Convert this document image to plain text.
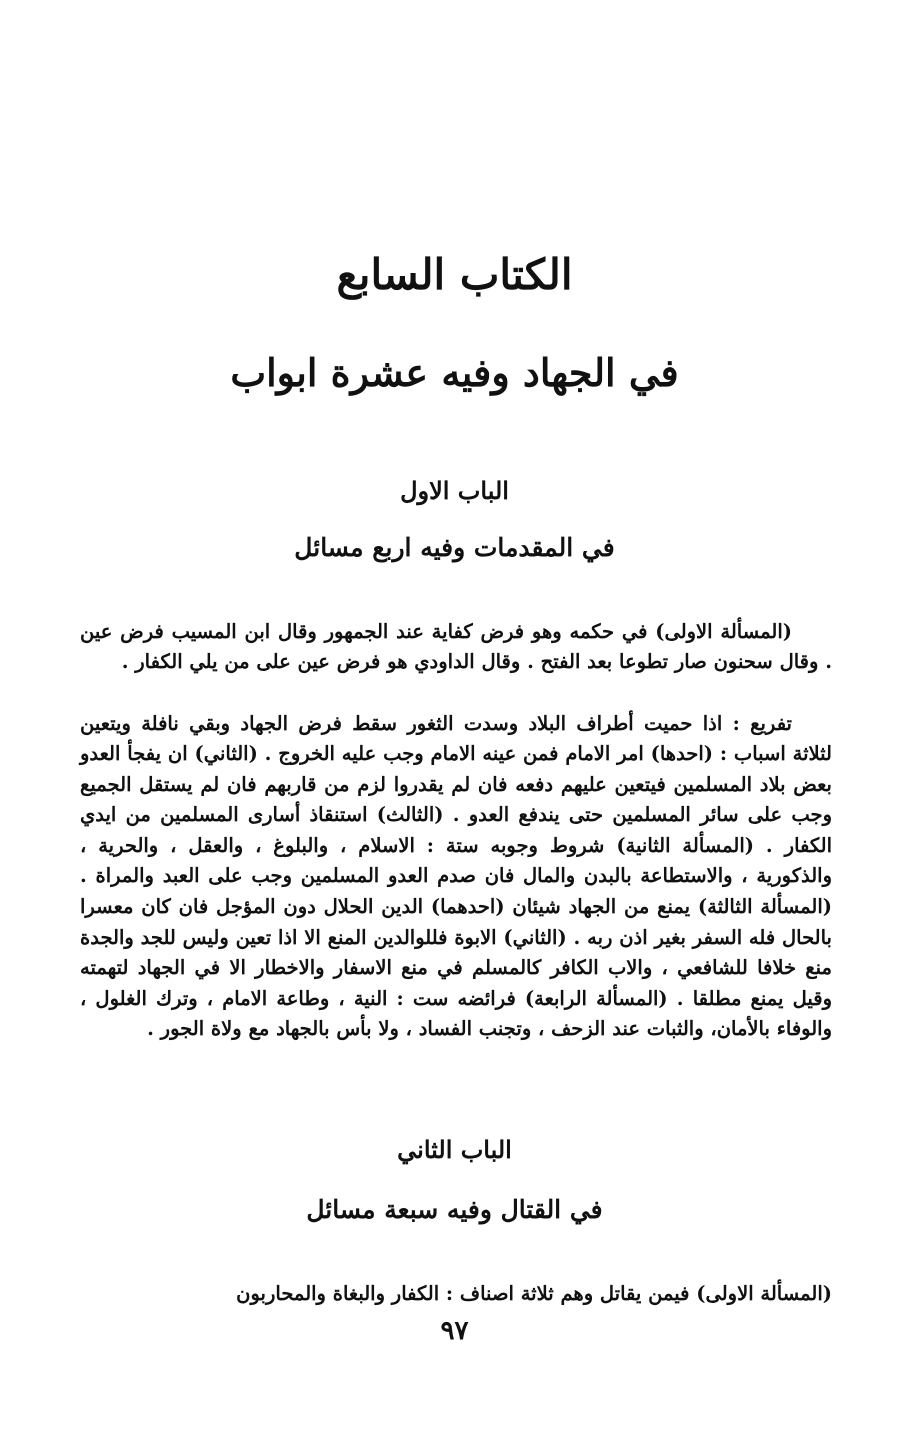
الكتاب السابع
في الجهاد وفيه عشرة ابواب
الباب الاول
في المقدمات وفيه اربع مسائل

(المسألة الاولى) في حكمه وهو فرض كفاية عند الجمهور وقال ابن المسيب فرض عين . وقال سحنون صار تطوعا بعد الفتح . وقال الداودي هو فرض عين على من يلي الكفار .

تفريع : اذا حميت أطراف البلاد وسدت الثغور سقط فرض الجهاد وبقي نافلة ويتعين لثلاثة اسباب : (احدها) امر الامام فمن عينه الامام وجب عليه الخروج . (الثاني) ان يفجأ العدو بعض بلاد المسلمين فيتعين عليهم دفعه فان لم يقدروا لزم من قاربهم فان لم يستقل الجميع وجب على سائر المسلمين حتى يندفع العدو . (الثالث) استنقاذ أسارى المسلمين من ايدي الكفار . (المسألة الثانية) شروط وجوبه ستة : الاسلام ، والبلوغ ، والعقل ، والحرية ، والذكورية ، والاستطاعة بالبدن والمال فان صدم العدو المسلمين وجب على العبد والمراة . (المسألة الثالثة) يمنع من الجهاد شيئان (احدهما) الدين الحلال دون المؤجل فان كان معسرا بالحال فله السفر بغير اذن ربه . (الثاني) الابوة فللوالدين المنع الا اذا تعين وليس للجد والجدة منع خلافا للشافعي ، والاب الكافر كالمسلم في منع الاسفار والاخطار الا في الجهاد لتهمته وقيل يمنع مطلقا . (المسألة الرابعة) فرائضه ست : النية ، وطاعة الامام ، وترك الغلول ، والوفاء بالأمان، والثبات عند الزحف ، وتجنب الفساد ، ولا بأس بالجهاد مع ولاة الجور .

الباب الثاني
في القتال وفيه سبعة مسائل

(المسألة الاولى) فيمن يقاتل وهم ثلاثة اصناف : الكفار والبغاة والمحاربون

٩٧
